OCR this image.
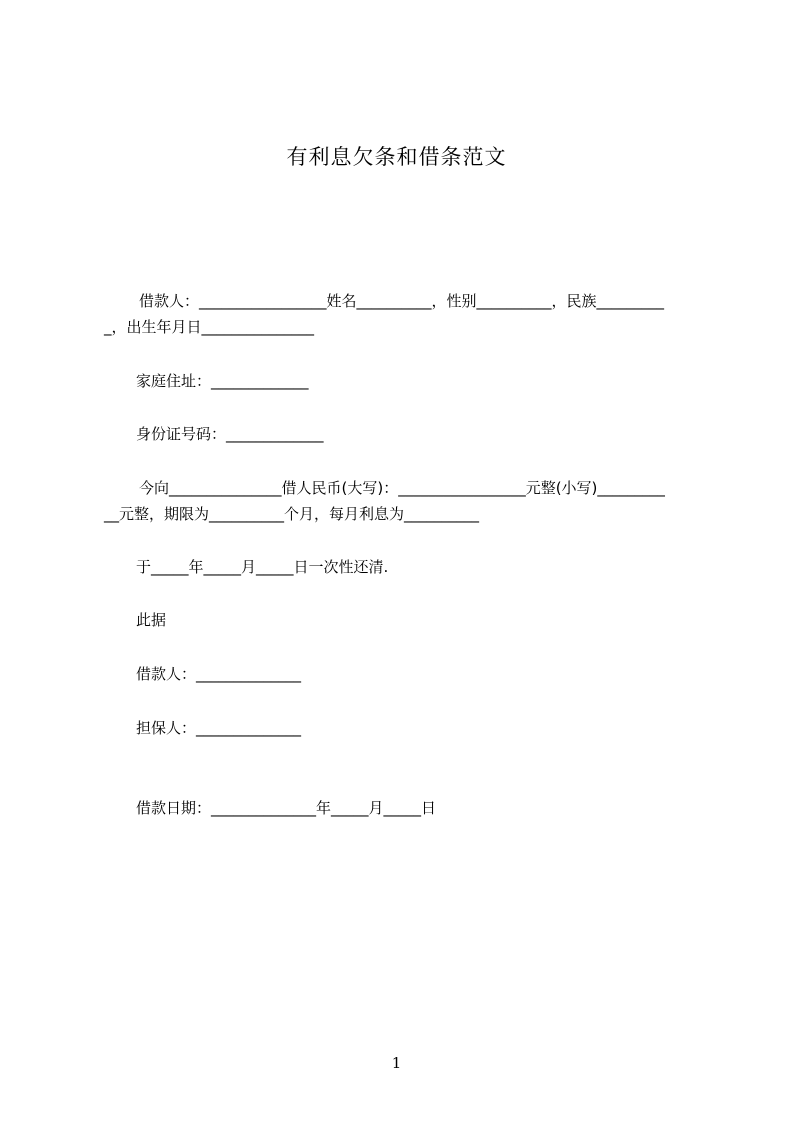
有利息欠条和借条范文
借款人：_________________姓名__________，性别__________，民族_________
_，出生年月日_______________
家庭住址：_____________
身份证号码：_____________
今向_______________借人民币(大写)：_________________元整(小写)_________
__元整，期限为__________个月，每月利息为__________
于_____年_____月_____日一次性还清.
此据
借款人：______________
担保人：______________
借款日期：______________年_____月_____日
1
